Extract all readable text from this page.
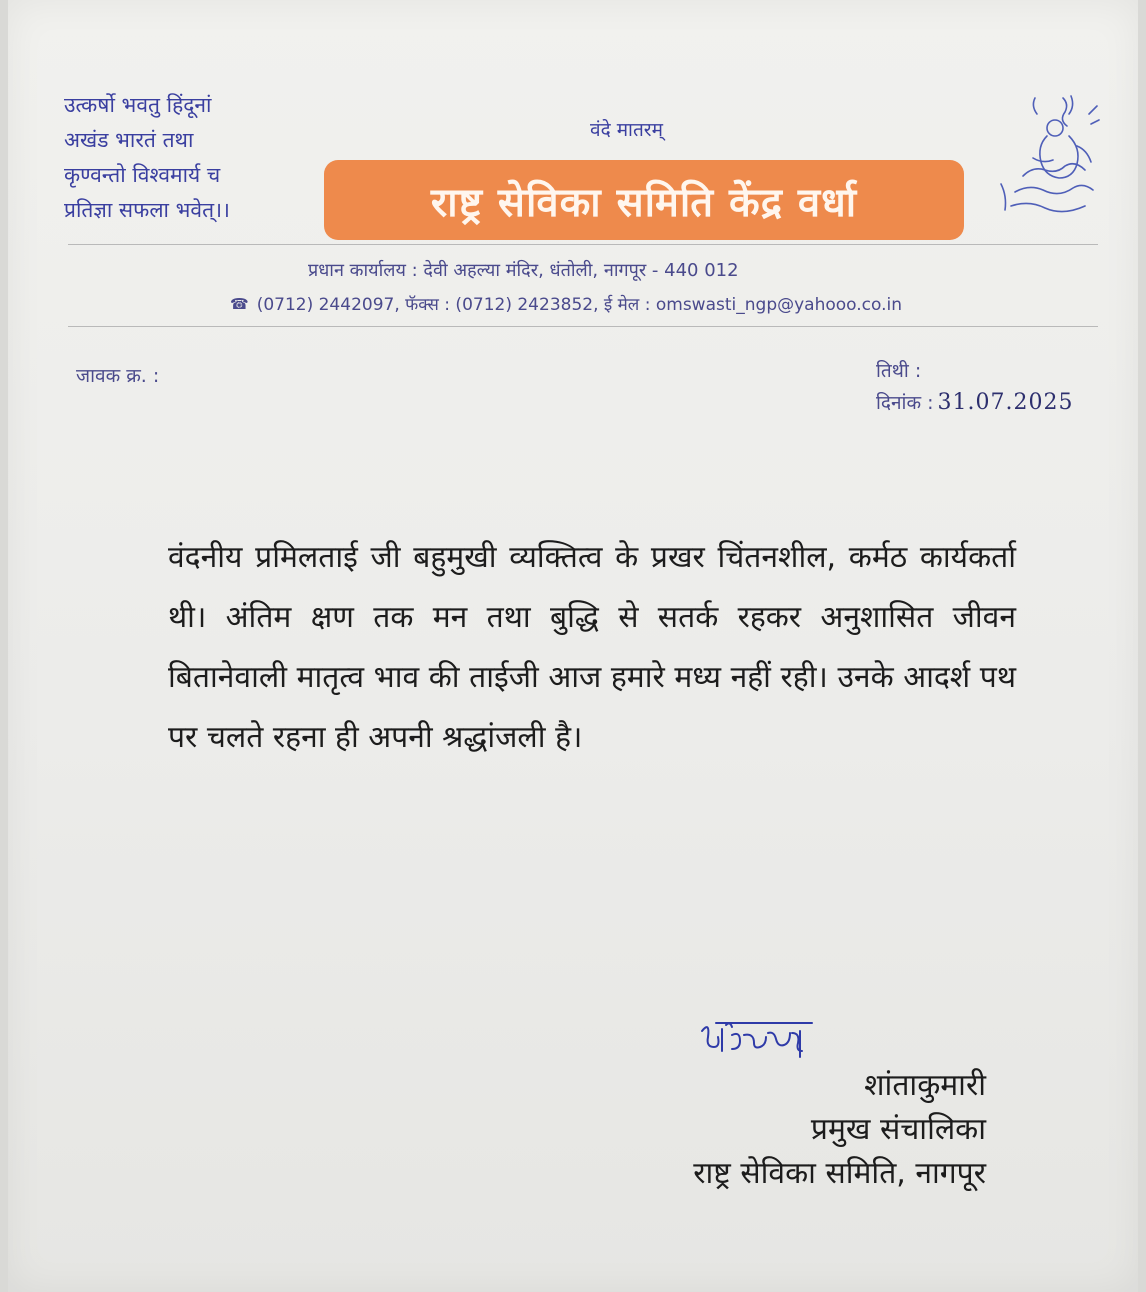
उत्कर्षो भवतु हिंदूनां
अखंड भारतं तथा
कृण्वन्तो विश्वमार्य च
प्रतिज्ञा सफला भवेत्।।
वंदे मातरम्
राष्ट्र सेविका समिति केंद्र वर्धा
प्रधान कार्यालय : देवी अहल्या मंदिर, धंतोली, नागपूर - 440 012
☎ (0712) 2442097, फॅक्स : (0712) 2423852, ई मेल : omswasti_ngp@yahooo.co.in
जावक क्र. :	तिथी :
दिनांक : 31.07.2025
वंदनीय प्रमिलताई जी बहुमुखी व्यक्तित्व के प्रखर चिंतनशील, कर्मठ कार्यकर्ता थी। अंतिम क्षण तक मन तथा बुद्धि से सतर्क रहकर अनुशासित जीवन बितानेवाली मातृत्व भाव की ताईजी आज हमारे मध्य नहीं रही। उनके आदर्श पथ पर चलते रहना ही अपनी श्रद्धांजली है।
शांताकुमारी
प्रमुख संचालिका
राष्ट्र सेविका समिति, नागपूर
